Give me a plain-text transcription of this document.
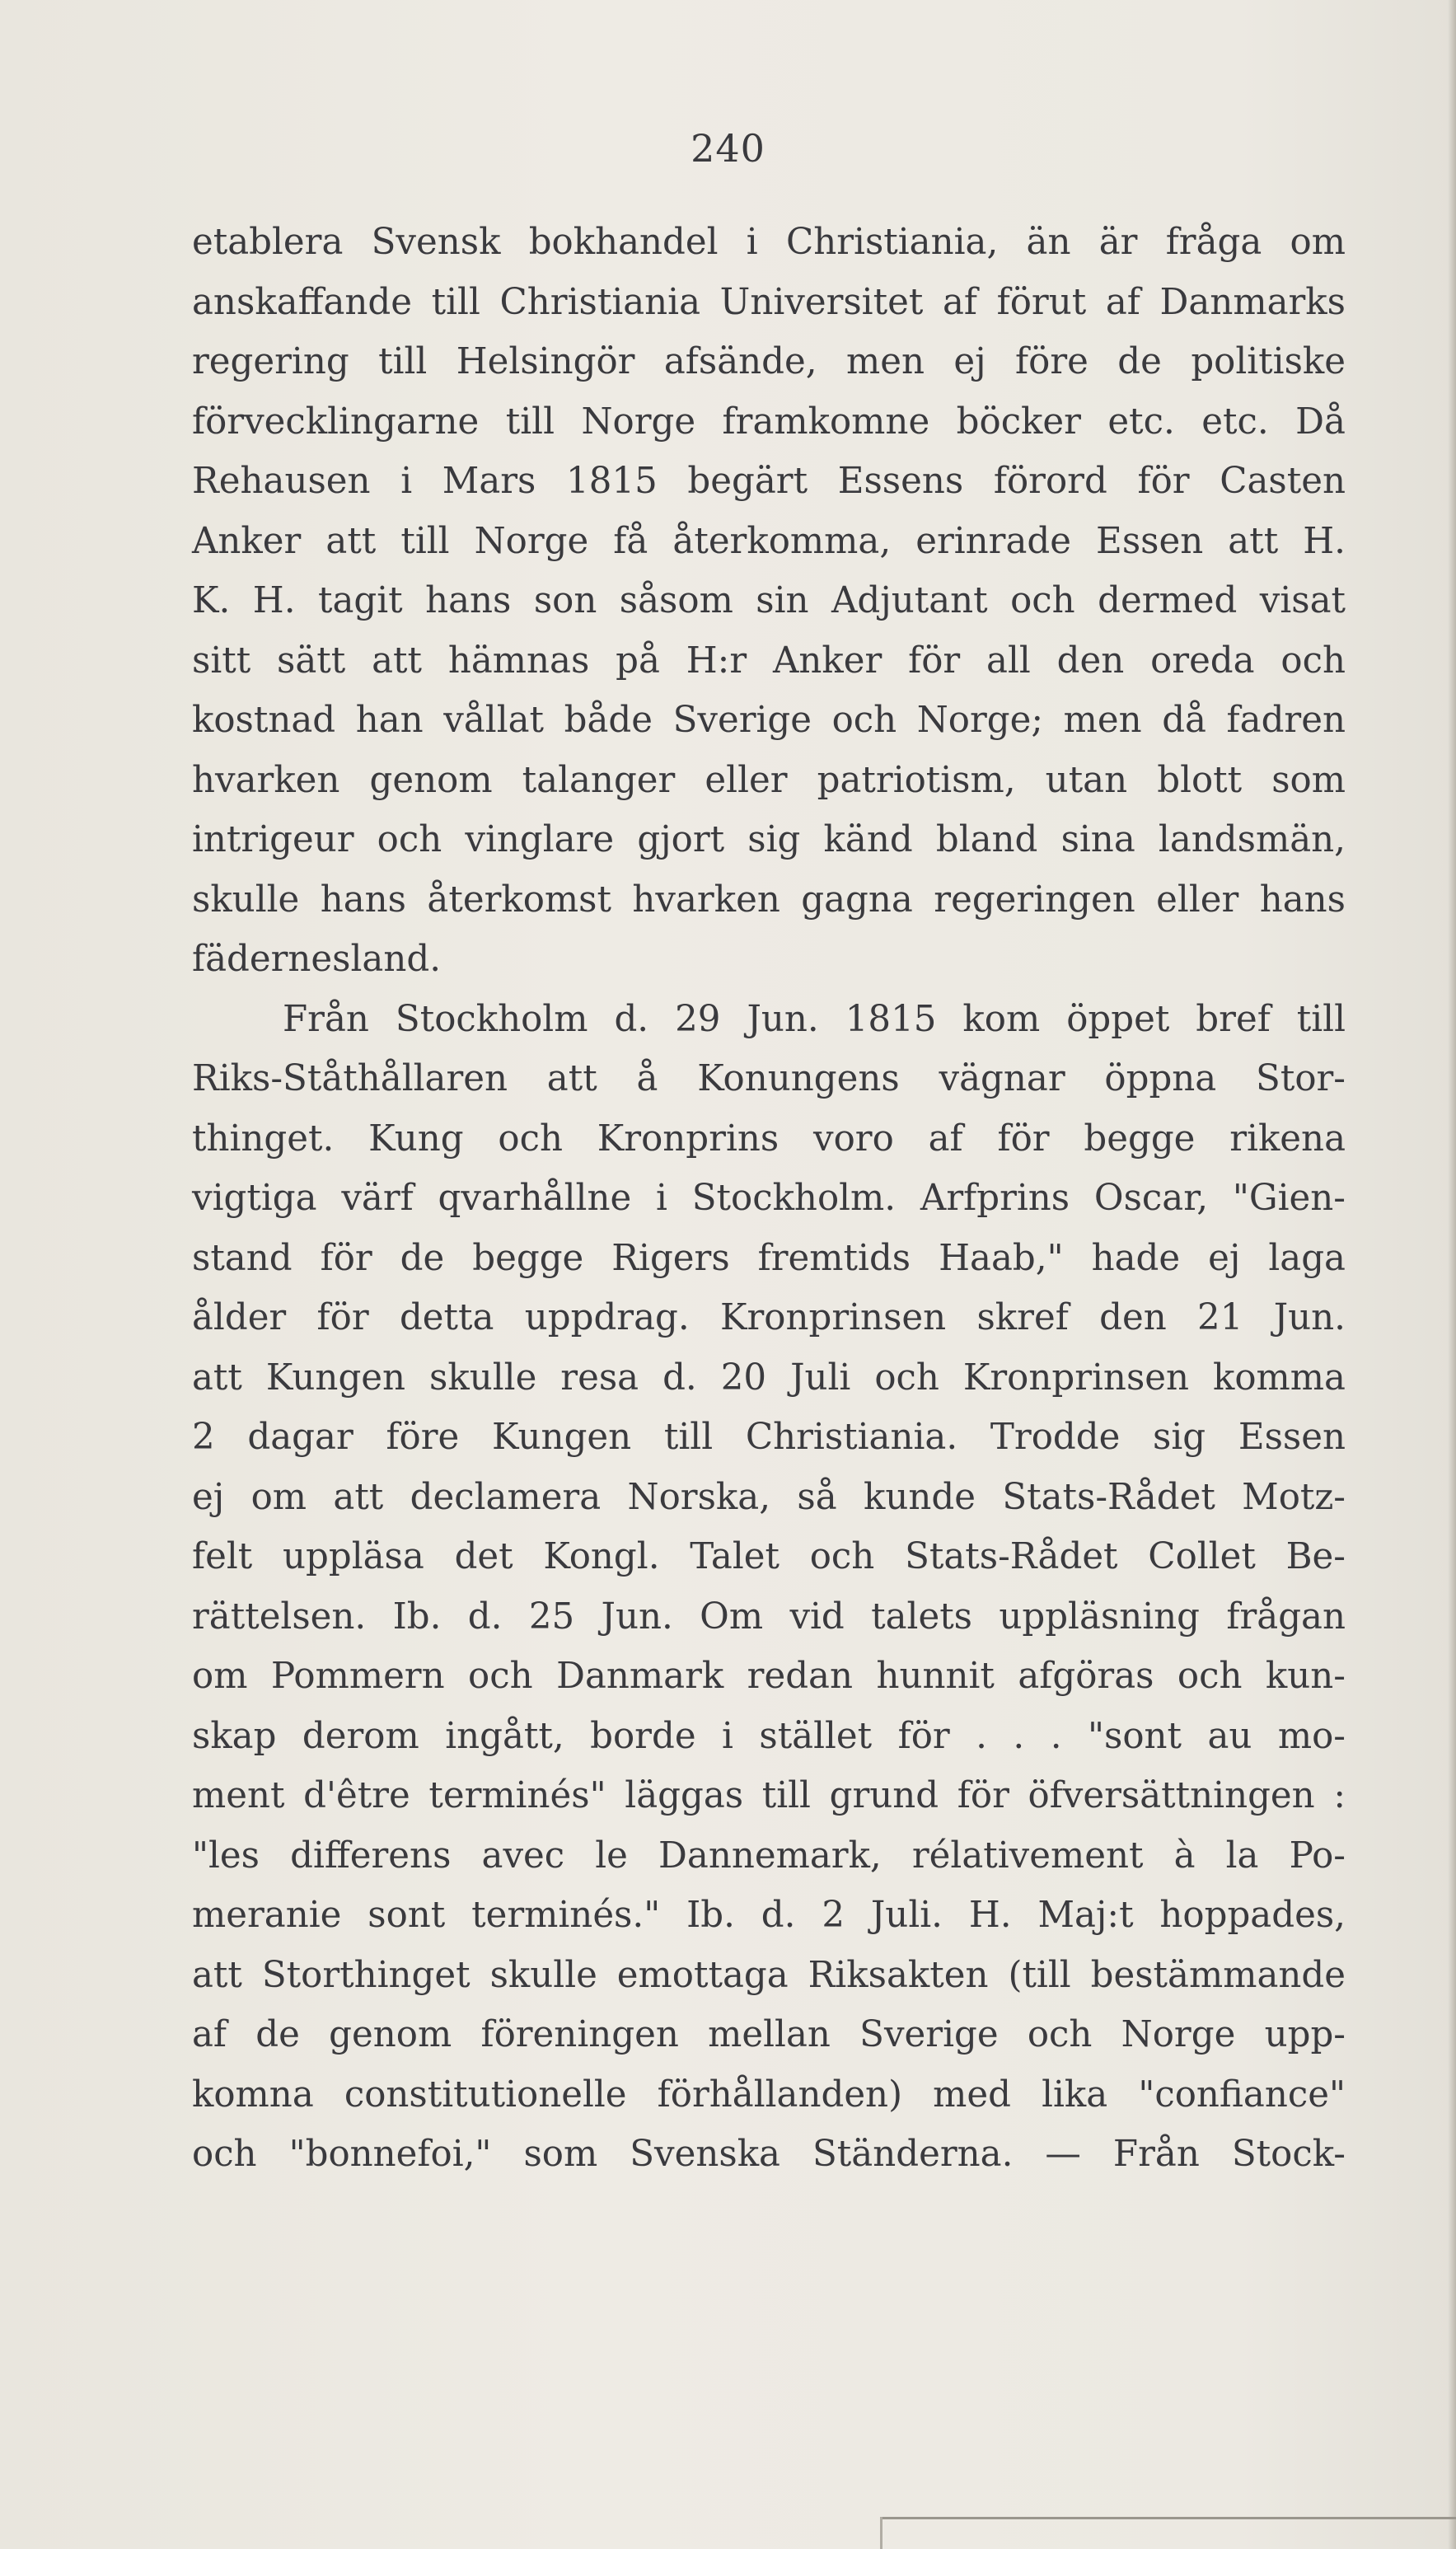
240
etablera Svensk bokhandel i Christiania, än är fråga om
anskaffande till Christiania Universitet af förut af Danmarks
regering till Helsingör afsände, men ej före de politiske
förvecklingarne till Norge framkomne böcker etc. etc. Då
Rehausen i Mars 1815 begärt Essens förord för Casten
Anker att till Norge få återkomma, erinrade Essen att H.
K. H. tagit hans son såsom sin Adjutant och dermed visat
sitt sätt att hämnas på H:r Anker för all den oreda och
kostnad han vållat både Sverige och Norge; men då fadren
hvarken genom talanger eller patriotism, utan blott som
intrigeur och vinglare gjort sig känd bland sina landsmän,
skulle hans återkomst hvarken gagna regeringen eller hans
fädernesland.
Från Stockholm d. 29 Jun. 1815 kom öppet bref till
Riks-Ståthållaren att å Konungens vägnar öppna Stor-
thinget. Kung och Kronprins voro af för begge rikena
vigtiga värf qvarhållne i Stockholm. Arfprins Oscar, "Gien-
stand för de begge Rigers fremtids Haab," hade ej laga
ålder för detta uppdrag. Kronprinsen skref den 21 Jun.
att Kungen skulle resa d. 20 Juli och Kronprinsen komma
2 dagar före Kungen till Christiania. Trodde sig Essen
ej om att declamera Norska, så kunde Stats-Rådet Motz-
felt uppläsa det Kongl. Talet och Stats-Rådet Collet Be-
rättelsen. Ib. d. 25 Jun. Om vid talets uppläsning frågan
om Pommern och Danmark redan hunnit afgöras och kun-
skap derom ingått, borde i stället för . . . "sont au mo-
ment d'être terminés" läggas till grund för öfversättningen :
"les differens avec le Dannemark, rélativement à la Po-
meranie sont terminés." Ib. d. 2 Juli. H. Maj:t hoppades,
att Storthinget skulle emottaga Riksakten (till bestämmande
af de genom föreningen mellan Sverige och Norge upp-
komna constitutionelle förhållanden) med lika "confiance"
och "bonnefoi," som Svenska Ständerna. — Från Stock-
